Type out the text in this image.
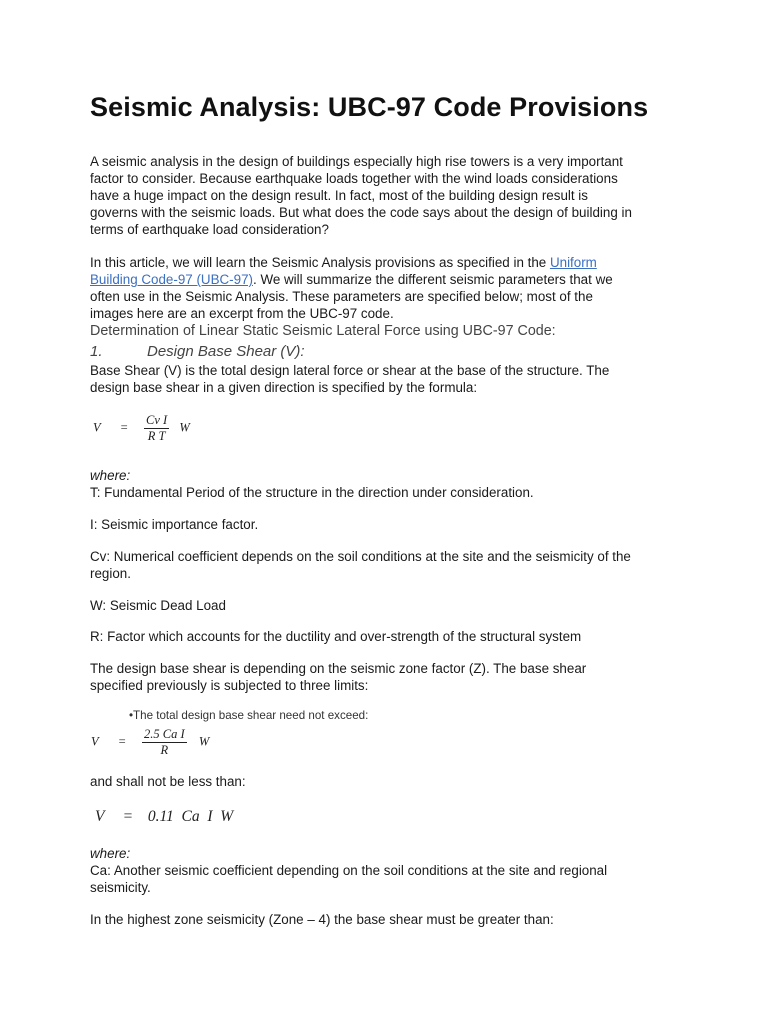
Seismic Analysis: UBC-97 Code Provisions

A seismic analysis in the design of buildings especially high rise towers is a very important
factor to consider. Because earthquake loads together with the wind loads considerations
have a huge impact on the design result. In fact, most of the building design result is
governs with the seismic loads. But what does the code says about the design of building in
terms of earthquake load consideration?

In this article, we will learn the Seismic Analysis provisions as specified in the Uniform
Building Code-97 (UBC-97). We will summarize the different seismic parameters that we
often use in the Seismic Analysis. These parameters are specified below; most of the
images here are an excerpt from the UBC-97 code.

Determination of Linear Static Seismic Lateral Force using UBC-97 Code:

1.	Design Base Shear (V):

Base Shear (V) is the total design lateral force or shear at the base of the structure. The
design base shear in a given direction is specified by the formula:

$V = \frac{\text{Cv I}}{\text{R T}}$ W

where:

T: Fundamental Period of the structure in the direction under consideration.

I: Seismic importance factor.

Cv: Numerical coefficient depends on the soil conditions at the site and the seismicity of the
region.

W: Seismic Dead Load

R: Factor which accounts for the ductility and over-strength of the structural system

The design base shear is depending on the seismic zone factor (Z). The base shear
specified previously is subjected to three limits:

•The total design base shear need not exceed:
$V = \frac{\text{2.5 Ca I}}{R}$ W

and shall not be less than:

V = 0.11  Ca  I  W

where:

Ca: Another seismic coefficient depending on the soil conditions at the site and regional
seismicity.

In the highest zone seismicity (Zone – 4) the base shear must be greater than:
